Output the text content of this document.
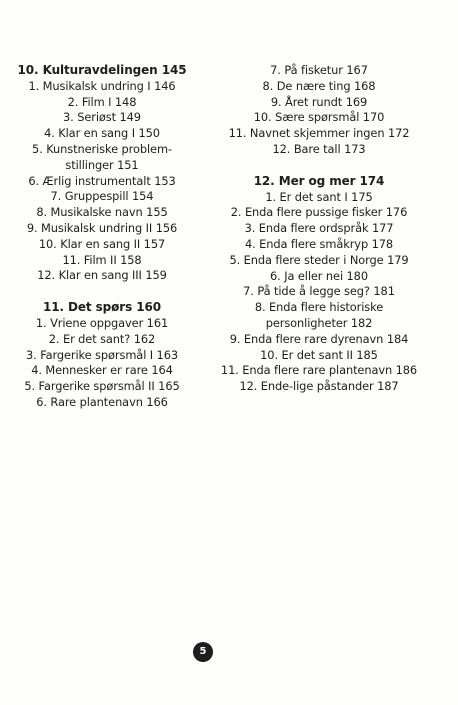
10. Kulturavdelingen 145
1. Musikalsk undring I 146
2. Film I 148
3. Seriøst 149
4. Klar en sang I 150
5. Kunstneriske problem-
stillinger 151
6. Ærlig instrumentalt 153
7. Gruppespill 154
8. Musikalske navn 155
9. Musikalsk undring II 156
10. Klar en sang II 157
11. Film II 158
12. Klar en sang III 159
11. Det spørs 160
1. Vriene oppgaver 161
2. Er det sant? 162
3. Fargerike spørsmål I 163
4. Mennesker er rare 164
5. Fargerike spørsmål II 165
6. Rare plantenavn 166
7. På fisketur 167
8. De nære ting 168
9. Året rundt 169
10. Sære spørsmål 170
11. Navnet skjemmer ingen 172
12. Bare tall 173
12. Mer og mer 174
1. Er det sant I 175
2. Enda flere pussige fisker 176
3. Enda flere ordspråk 177
4. Enda flere småkryp 178
5. Enda flere steder i Norge 179
6. Ja eller nei 180
7. På tide å legge seg? 181
8. Enda flere historiske
personligheter 182
9. Enda flere rare dyrenavn 184
10. Er det sant II 185
11. Enda flere rare plantenavn 186
12. Ende-lige påstander 187
5
